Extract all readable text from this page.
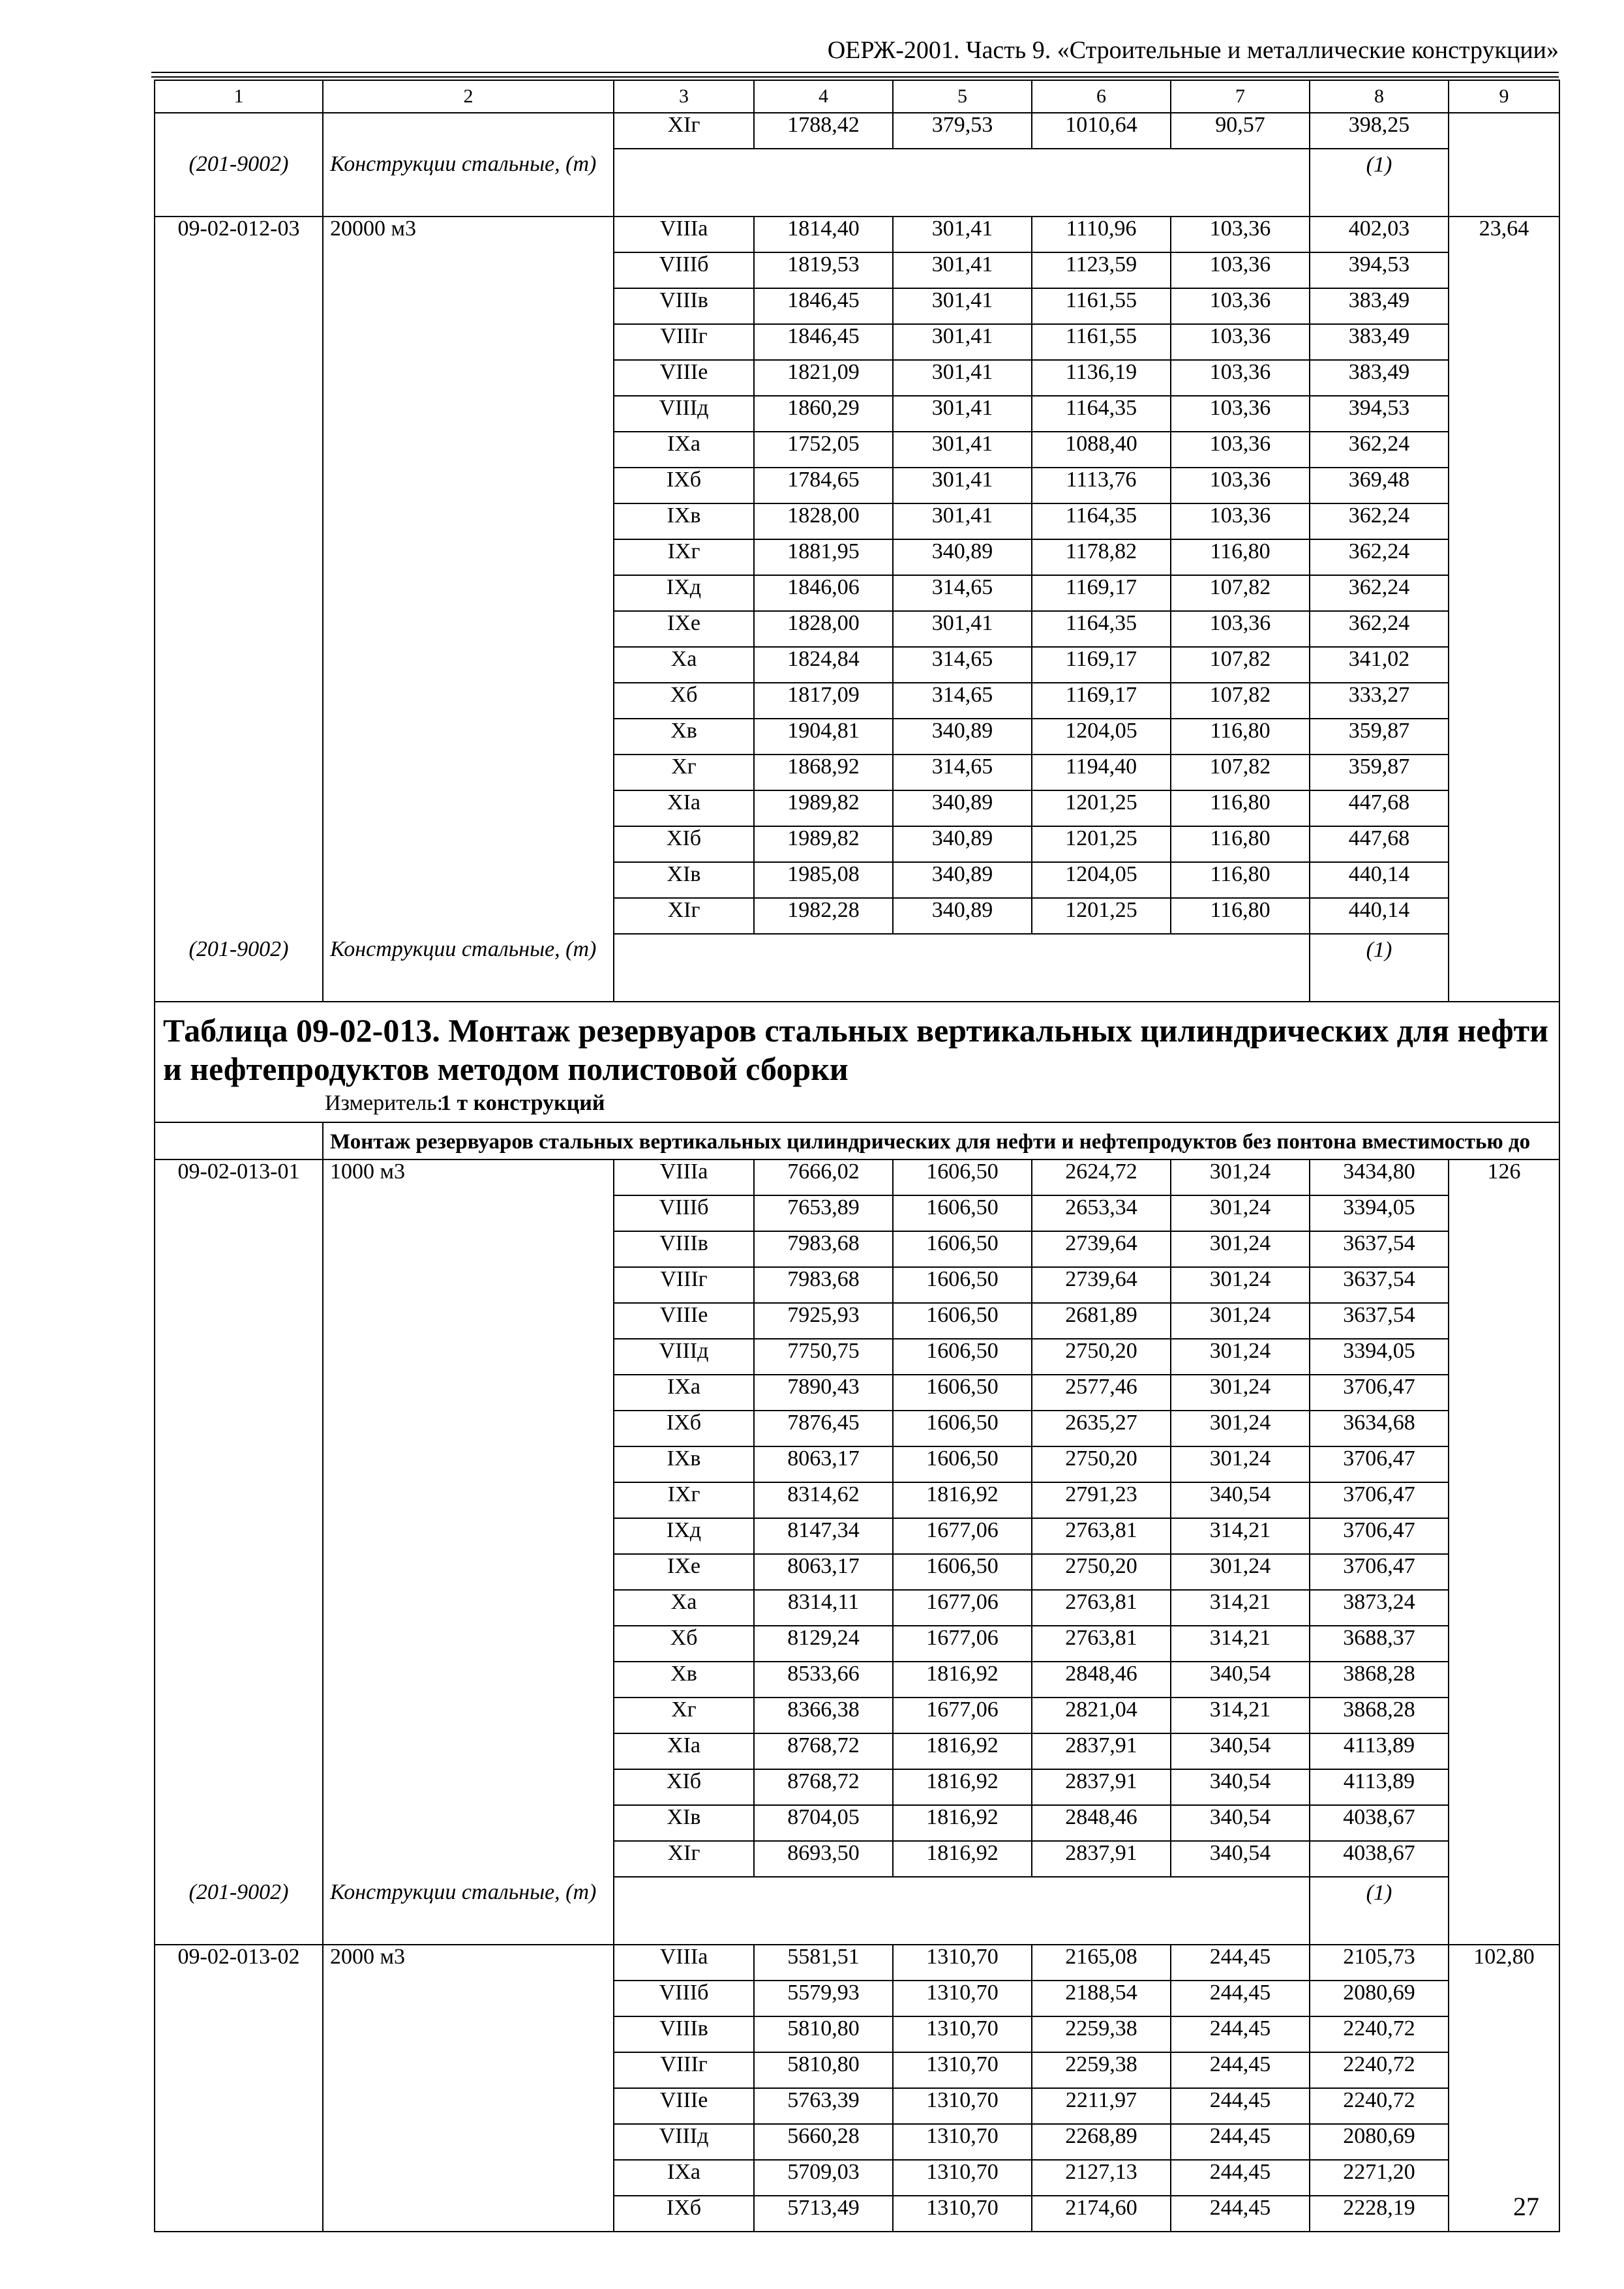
ОЕРЖ-2001. Часть 9. «Строительные и металлические конструкции»
1	2	3	4	5	6	7	8	9
		XIг	1788,42	379,53	1010,64	90,57	398,25	
(201-9002)	Конструкции стальные, (т)						(1)	
09-02-012-03	20000 м3	VIIIа	1814,40	301,41	1110,96	103,36	402,03	23,64
		VIIIб	1819,53	301,41	1123,59	103,36	394,53	
		VIIIв	1846,45	301,41	1161,55	103,36	383,49	
		VIIIг	1846,45	301,41	1161,55	103,36	383,49	
		VIIIе	1821,09	301,41	1136,19	103,36	383,49	
		VIIIд	1860,29	301,41	1164,35	103,36	394,53	
		IXа	1752,05	301,41	1088,40	103,36	362,24	
		IXб	1784,65	301,41	1113,76	103,36	369,48	
		IXв	1828,00	301,41	1164,35	103,36	362,24	
		IXг	1881,95	340,89	1178,82	116,80	362,24	
		IXд	1846,06	314,65	1169,17	107,82	362,24	
		IXе	1828,00	301,41	1164,35	103,36	362,24	
		Xа	1824,84	314,65	1169,17	107,82	341,02	
		Xб	1817,09	314,65	1169,17	107,82	333,27	
		Xв	1904,81	340,89	1204,05	116,80	359,87	
		Xг	1868,92	314,65	1194,40	107,82	359,87	
		XIа	1989,82	340,89	1201,25	116,80	447,68	
		XIб	1989,82	340,89	1201,25	116,80	447,68	
		XIв	1985,08	340,89	1204,05	116,80	440,14	
		XIг	1982,28	340,89	1201,25	116,80	440,14	
(201-9002)	Конструкции стальные, (т)						(1)	

Таблица 09-02-013. Монтаж резервуаров стальных вертикальных цилиндрических для нефти и нефтепродуктов методом полистовой сборки
Измеритель:1 т конструкций								

	Монтаж резервуаров стальных вертикальных цилиндрических для нефти и нефтепродуктов без понтона вместимостью до							
09-02-013-01	1000 м3	VIIIа	7666,02	1606,50	2624,72	301,24	3434,80	126
		VIIIб	7653,89	1606,50	2653,34	301,24	3394,05	
		VIIIв	7983,68	1606,50	2739,64	301,24	3637,54	
		VIIIг	7983,68	1606,50	2739,64	301,24	3637,54	
		VIIIе	7925,93	1606,50	2681,89	301,24	3637,54	
		VIIIд	7750,75	1606,50	2750,20	301,24	3394,05	
		IXа	7890,43	1606,50	2577,46	301,24	3706,47	
		IXб	7876,45	1606,50	2635,27	301,24	3634,68	
		IXв	8063,17	1606,50	2750,20	301,24	3706,47	
		IXг	8314,62	1816,92	2791,23	340,54	3706,47	
		IXд	8147,34	1677,06	2763,81	314,21	3706,47	
		IXе	8063,17	1606,50	2750,20	301,24	3706,47	
		Xа	8314,11	1677,06	2763,81	314,21	3873,24	
		Xб	8129,24	1677,06	2763,81	314,21	3688,37	
		Xв	8533,66	1816,92	2848,46	340,54	3868,28	
		Xг	8366,38	1677,06	2821,04	314,21	3868,28	
		XIа	8768,72	1816,92	2837,91	340,54	4113,89	
		XIб	8768,72	1816,92	2837,91	340,54	4113,89	
		XIв	8704,05	1816,92	2848,46	340,54	4038,67	
		XIг	8693,50	1816,92	2837,91	340,54	4038,67	
(201-9002)	Конструкции стальные, (т)						(1)	
09-02-013-02	2000 м3	VIIIа	5581,51	1310,70	2165,08	244,45	2105,73	102,80
		VIIIб	5579,93	1310,70	2188,54	244,45	2080,69	
		VIIIв	5810,80	1310,70	2259,38	244,45	2240,72	
		VIIIг	5810,80	1310,70	2259,38	244,45	2240,72	
		VIIIе	5763,39	1310,70	2211,97	244,45	2240,72	
		VIIIд	5660,28	1310,70	2268,89	244,45	2080,69	
		IXа	5709,03	1310,70	2127,13	244,45	2271,20	
		IXб	5713,49	1310,70	2174,60	244,45	2228,19		27
